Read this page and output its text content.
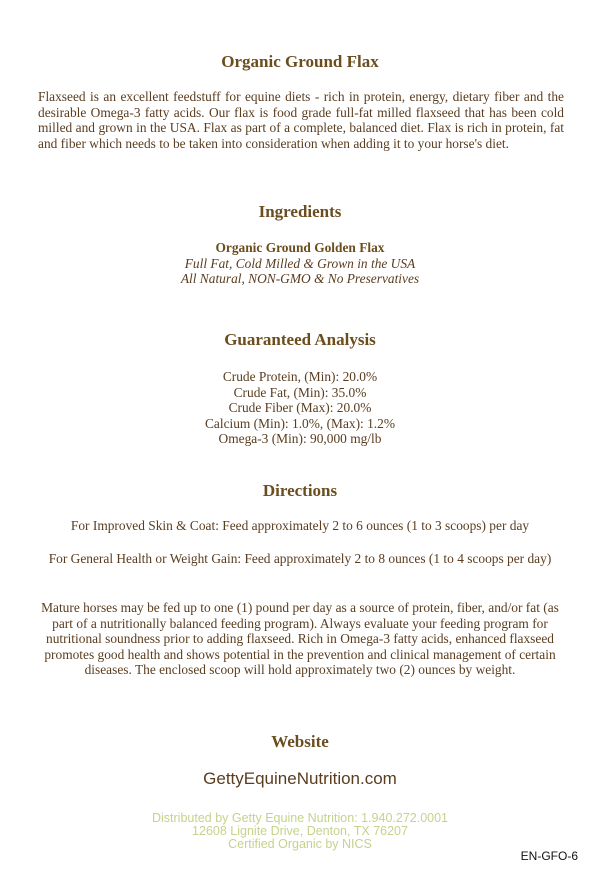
Organic Ground Flax

Flaxseed is an excellent feedstuff for equine diets - rich in protein, energy, dietary fiber and the desirable Omega-3 fatty acids. Our flax is food grade full-fat milled flaxseed that has been cold milled and grown in the USA. Flax as part of a complete, balanced diet. Flax is rich in protein, fat and fiber which needs to be taken into consideration when adding it to your horse's diet.

Ingredients
Organic Ground Golden Flax
Full Fat, Cold Milled & Grown in the USA
All Natural, NON-GMO & No Preservatives
Guaranteed Analysis
Crude Protein, (Min): 20.0%
Crude Fat, (Min): 35.0%
Crude Fiber (Max): 20.0%
Calcium (Min): 1.0%, (Max): 1.2%
Omega-3 (Min): 90,000 mg/lb
Directions

For Improved Skin & Coat: Feed approximately 2 to 6 ounces (1 to 3 scoops) per day

For General Health or Weight Gain: Feed approximately 2 to 8 ounces (1 to 4 scoops per day)

Mature horses may be fed up to one (1) pound per day as a source of protein, fiber, and/or fat (as part of a nutritionally balanced feeding program). Always evaluate your feeding program for nutritional soundness prior to adding flaxseed. Rich in Omega-3 fatty acids, enhanced flaxseed promotes good health and shows potential in the prevention and clinical management of certain diseases. The enclosed scoop will hold approximately two (2) ounces by weight.

Website
GettyEquineNutrition.com
Distributed by Getty Equine Nutrition: 1.940.272.0001
12608 Lignite Drive, Denton, TX 76207
Certified Organic by NICS
EN-GFO-6
